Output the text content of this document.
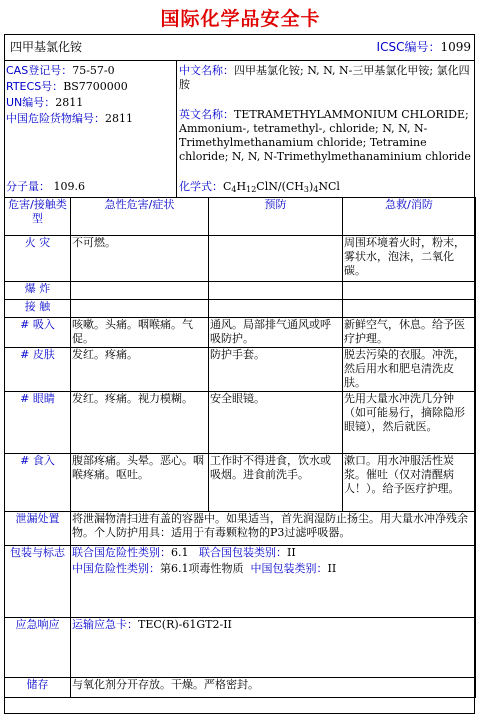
国际化学品安全卡
四甲基氯化铵	ICSC编号：1099
CAS登记号：75-57-0
RTECS号：BS7700000
UN编号：2811
中国危险货物编号：2811
分子量： 109.6
中文名称：四甲基氯化铵; N, N, N-三甲基氯化甲铵; 氯化四胺
英文名称：TETRAMETHYLAMMONIUM CHLORIDE; Ammonium-, tetramethyl-, chloride; N, N, N-Trimethylmethanamium chloride; Tetramine chloride; N, N, N-Trimethylmethanaminium chloride
化学式：$C_4H_{12}ClN/(CH_3)_4NCl$
危害/接触类型	急性危害/症状	预防	急救/消防
火 灾	不可燃。		周围环境着火时，粉末，雾状水，泡沫，二氧化碳。
爆 炸			
接 触			
# 吸入	咳嗽。头痛。咽喉痛。气促。	通风。局部排气通风或呼吸防护。	新鲜空气，休息。给予医疗护理。
# 皮肤	发红。疼痛。	防护手套。	脱去污染的衣服。冲洗，然后用水和肥皂清洗皮肤。
# 眼睛	发红。疼痛。视力模糊。	安全眼镜。	先用大量水冲洗几分钟（如可能易行，摘除隐形眼镜），然后就医。
# 食入	腹部疼痛。头晕。恶心。咽喉疼痛。呕吐。	工作时不得进食，饮水或吸烟。进食前洗手。	漱口。用水冲服活性炭浆。催吐（仅对清醒病人！）。给予医疗护理。
泄漏处置	将泄漏物清扫进有盖的容器中。如果适当，首先润湿防止扬尘。用大量水冲净残余物。个人防护用具：适用于有毒颗粒物的P3过滤呼吸器。		
包装与标志	联合国危险性类别：6.1 联合国包装类别：II
中国危险性类别：第6.1项毒性物质 中国包装类别：II		

应急响应	运输应急卡：TEC(R)-61GT2-II		
储存	与氧化剂分开存放。干燥。严格密封。		
